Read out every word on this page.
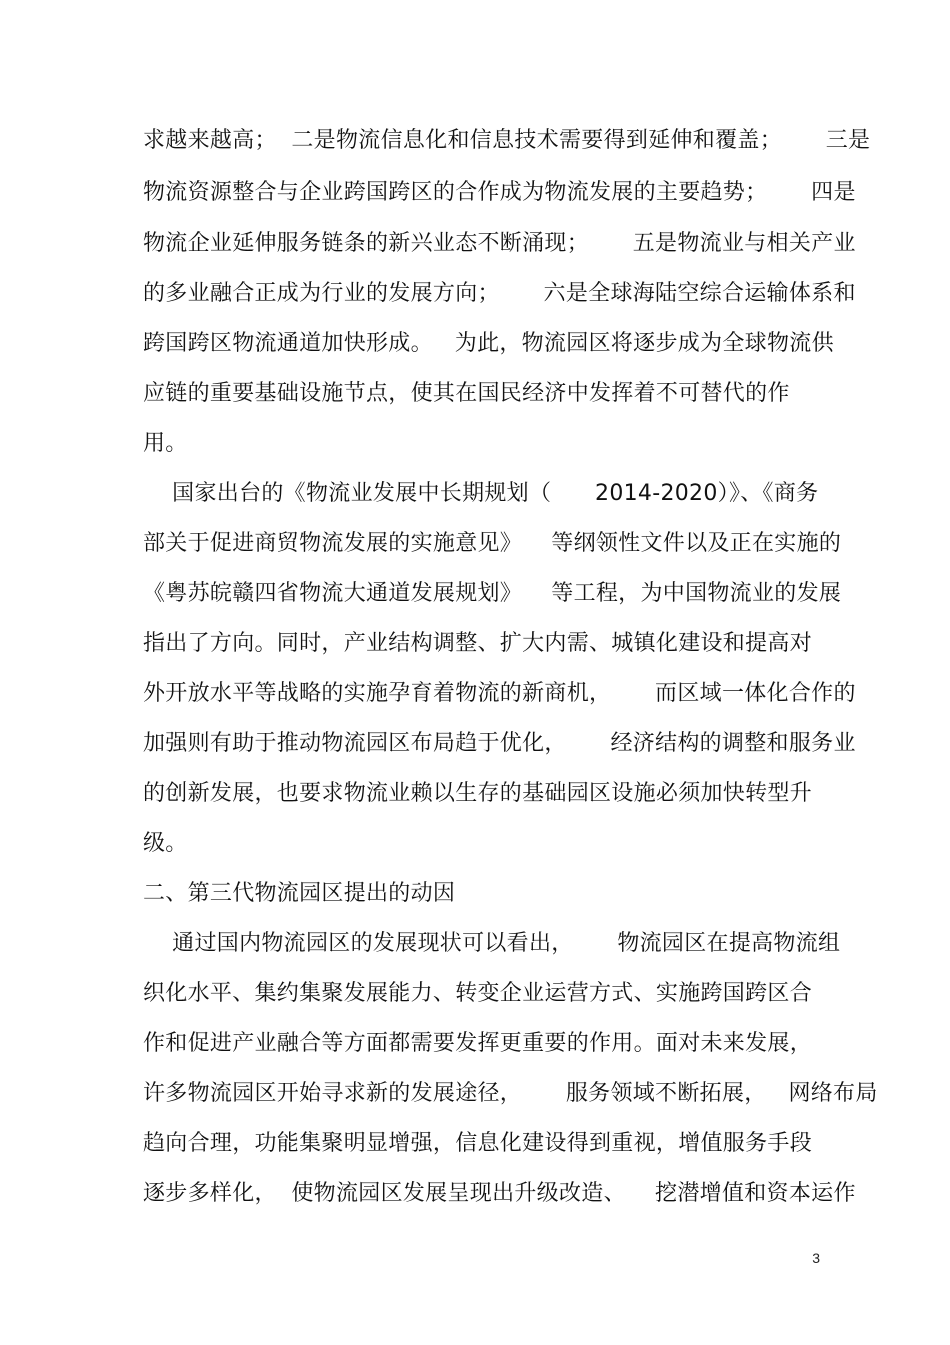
求越来越高；  二是物流信息化和信息技术需要得到延伸和覆盖；      三是
物流资源整合与企业跨国跨区的合作成为物流发展的主要趋势；      四是
物流企业延伸服务链条的新兴业态不断涌现；      五是物流业与相关产业
的多业融合正成为行业的发展方向；      六是全球海陆空综合运输体系和
跨国跨区物流通道加快形成。   为此，物流园区将逐步成为全球物流供
应链的重要基础设施节点，使其在国民经济中发挥着不可替代的作
用。
国家出台的《物流业发展中长期规划（      2014-2020）》、《商务
部关于促进商贸物流发展的实施意见》    等纲领性文件以及正在实施的
《粤苏皖赣四省物流大通道发展规划》    等工程，为中国物流业的发展
指出了方向。同时，产业结构调整、扩大内需、城镇化建设和提高对
外开放水平等战略的实施孕育着物流的新商机，      而区域一体化合作的
加强则有助于推动物流园区布局趋于优化，      经济结构的调整和服务业
的创新发展，也要求物流业赖以生存的基础园区设施必须加快转型升
级。
二、第三代物流园区提出的动因
通过国内物流园区的发展现状可以看出，      物流园区在提高物流组
织化水平、集约集聚发展能力、转变企业运营方式、实施跨国跨区合
作和促进产业融合等方面都需要发挥更重要的作用。面对未来发展，
许多物流园区开始寻求新的发展途径，      服务领域不断拓展，   网络布局
趋向合理，功能集聚明显增强，信息化建设得到重视，增值服务手段
逐步多样化，  使物流园区发展呈现出升级改造、    挖潜增值和资本运作
3
